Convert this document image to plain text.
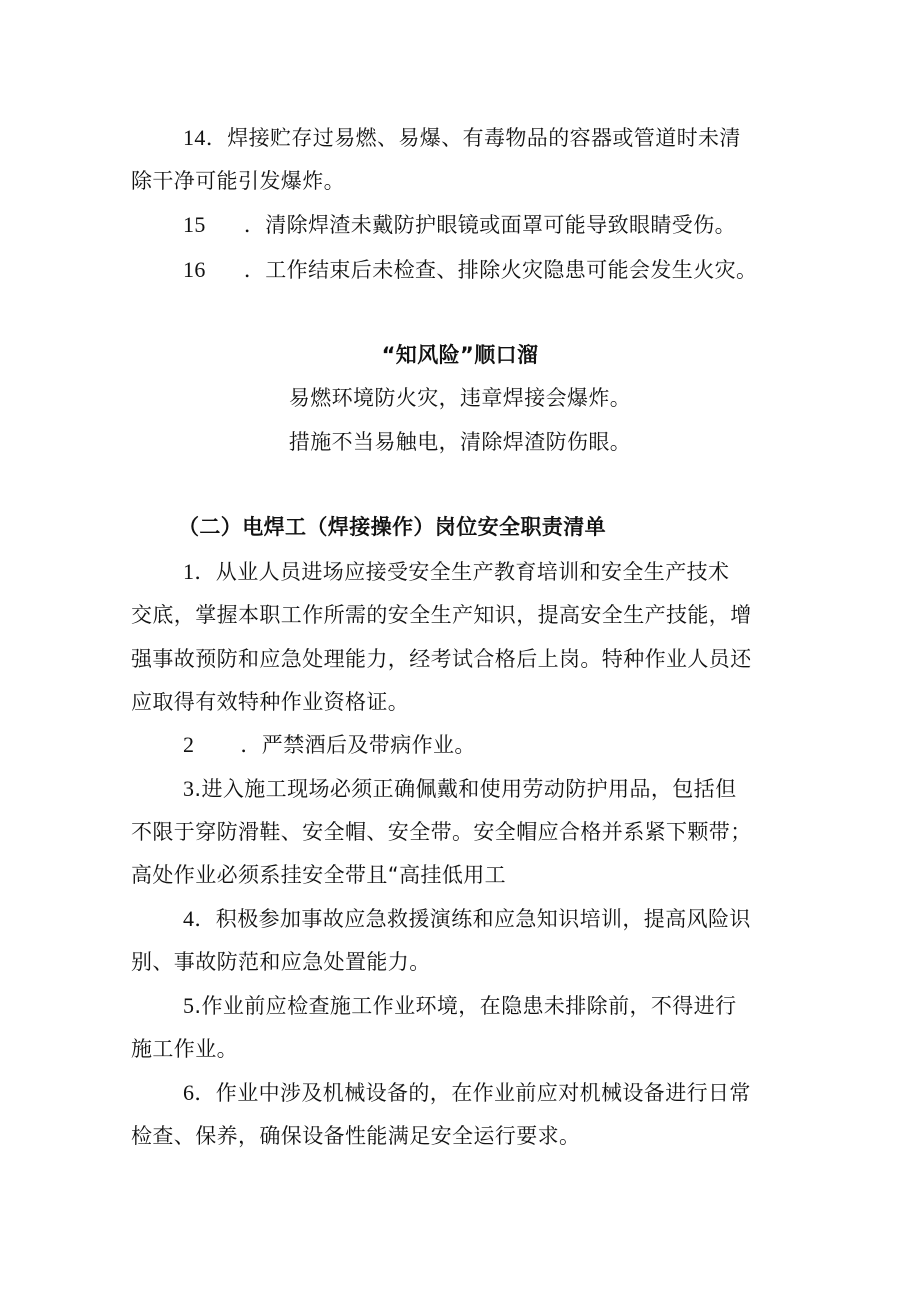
14．焊接贮存过易燃、易爆、有毒物品的容器或管道时未清
除干净可能引发爆炸。
15 ．清除焊渣未戴防护眼镜或面罩可能导致眼睛受伤。
16 ．工作结束后未检查、排除火灾隐患可能会发生火灾。
“知风险”顺口溜
易燃环境防火灾，违章焊接会爆炸。
措施不当易触电，清除焊渣防伤眼。
（二）电焊工（焊接操作）岗位安全职责清单
1．从业人员进场应接受安全生产教育培训和安全生产技术
交底，掌握本职工作所需的安全生产知识，提高安全生产技能，增
强事故预防和应急处理能力，经考试合格后上岗。特种作业人员还
应取得有效特种作业资格证。
2 ．严禁酒后及带病作业。
3.进入施工现场必须正确佩戴和使用劳动防护用品，包括但
不限于穿防滑鞋、安全帽、安全带。安全帽应合格并系紧下颗带；
高处作业必须系挂安全带且“高挂低用工
4．积极参加事故应急救援演练和应急知识培训，提高风险识
别、事故防范和应急处置能力。
5.作业前应检查施工作业环境，在隐患未排除前，不得进行
施工作业。
6．作业中涉及机械设备的，在作业前应对机械设备进行日常
检查、保养，确保设备性能满足安全运行要求。
